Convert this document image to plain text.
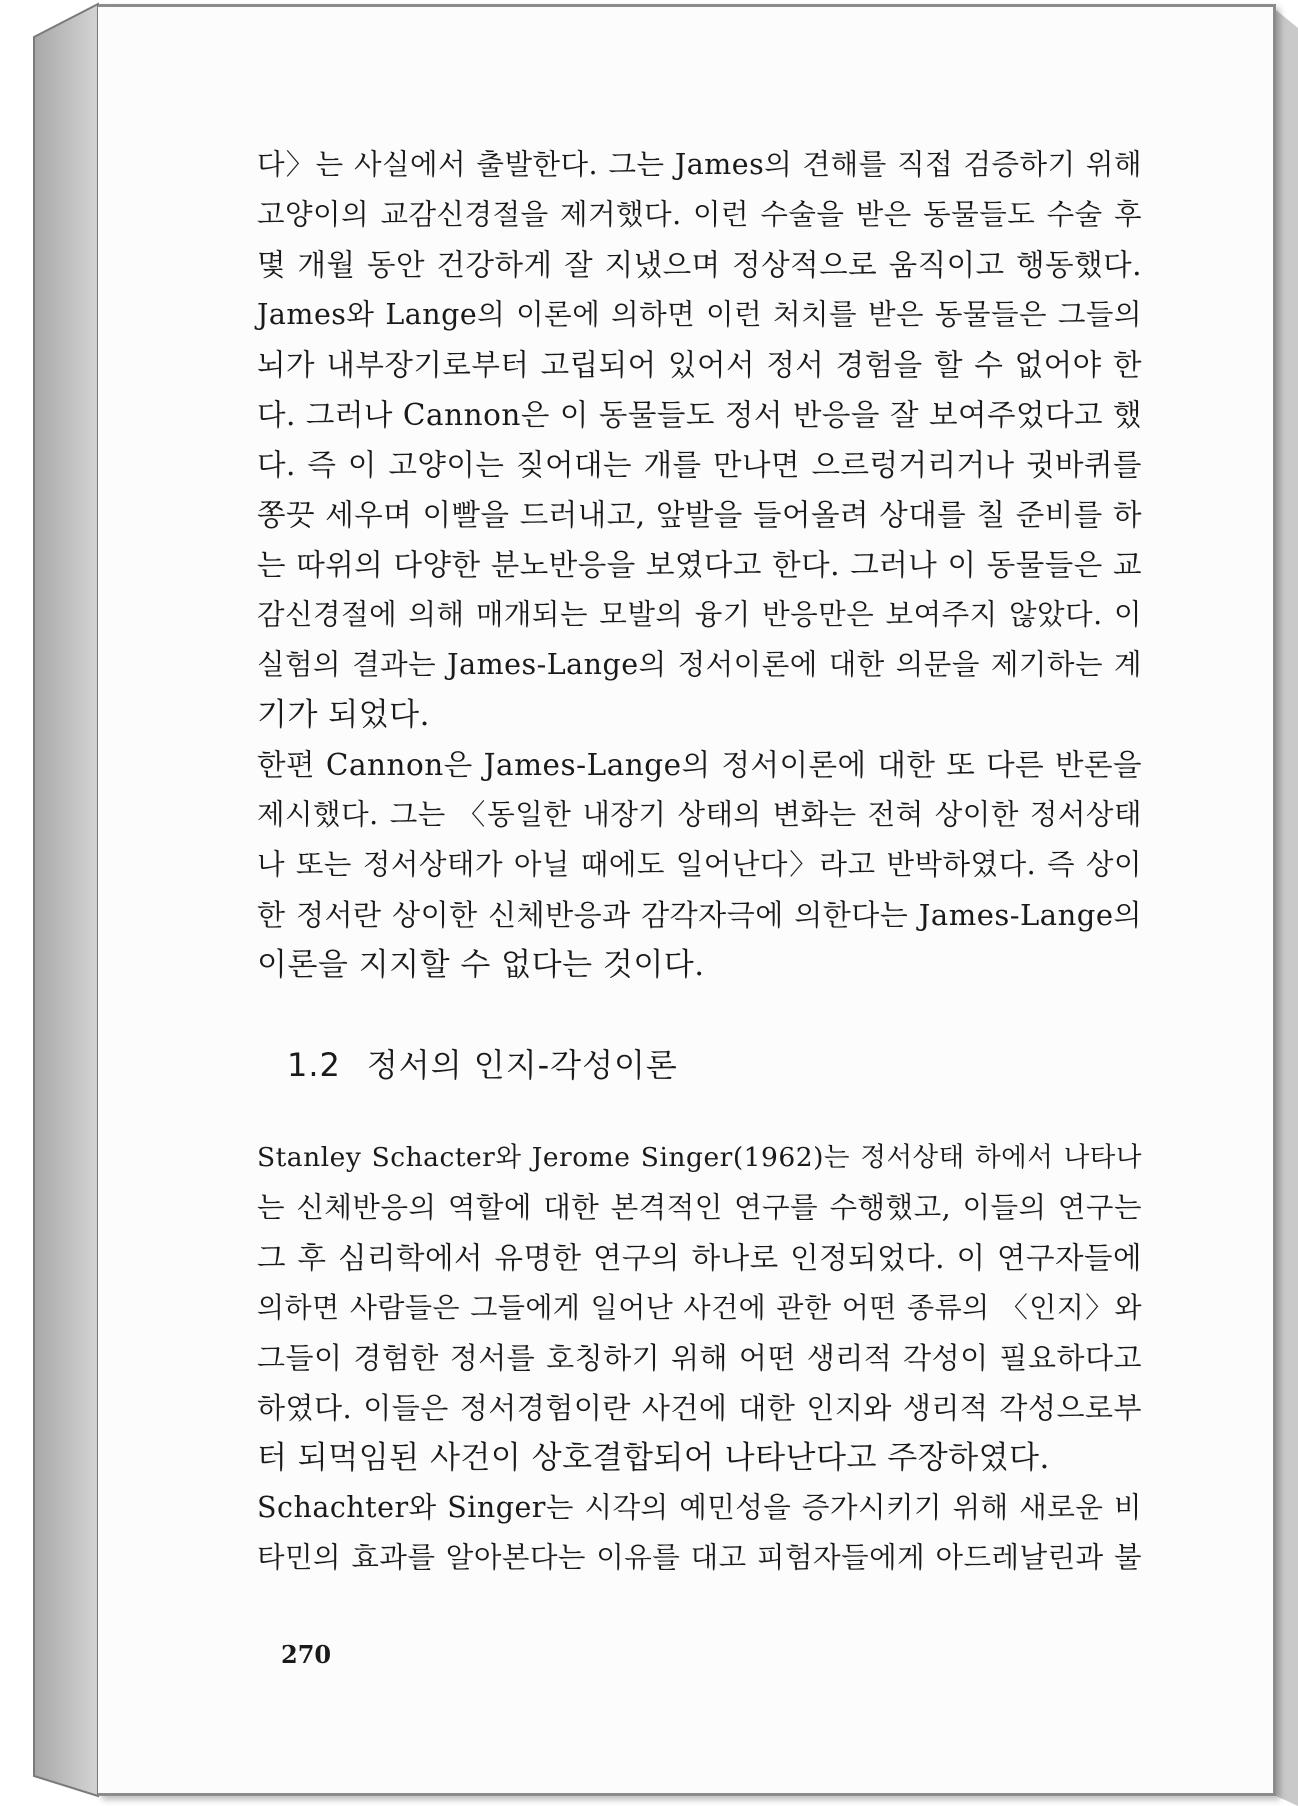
다〉는 사실에서 출발한다. 그는 James의 견해를 직접 검증하기 위해
고양이의 교감신경절을 제거했다. 이런 수술을 받은 동물들도 수술 후
몇 개월 동안 건강하게 잘 지냈으며 정상적으로 움직이고 행동했다.
James와 Lange의 이론에 의하면 이런 처치를 받은 동물들은 그들의
뇌가 내부장기로부터 고립되어 있어서 정서 경험을 할 수 없어야 한
다. 그러나 Cannon은 이 동물들도 정서 반응을 잘 보여주었다고 했
다. 즉 이 고양이는 짖어대는 개를 만나면 으르렁거리거나 귓바퀴를
쫑끗 세우며 이빨을 드러내고, 앞발을 들어올려 상대를 칠 준비를 하
는 따위의 다양한 분노반응을 보였다고 한다. 그러나 이 동물들은 교
감신경절에 의해 매개되는 모발의 융기 반응만은 보여주지 않았다. 이
실험의 결과는 James-Lange의 정서이론에 대한 의문을 제기하는 계
기가 되었다.

한편 Cannon은 James-Lange의 정서이론에 대한 또 다른 반론을
제시했다. 그는 〈동일한 내장기 상태의 변화는 전혀 상이한 정서상태
나 또는 정서상태가 아닐 때에도 일어난다〉라고 반박하였다. 즉 상이
한 정서란 상이한 신체반응과 감각자극에 의한다는 James-Lange의
이론을 지지할 수 없다는 것이다.

1.2 정서의 인지-각성이론

Stanley Schacter와 Jerome Singer(1962)는 정서상태 하에서 나타나
는 신체반응의 역할에 대한 본격적인 연구를 수행했고, 이들의 연구는
그 후 심리학에서 유명한 연구의 하나로 인정되었다. 이 연구자들에
의하면 사람들은 그들에게 일어난 사건에 관한 어떤 종류의 〈인지〉와
그들이 경험한 정서를 호칭하기 위해 어떤 생리적 각성이 필요하다고
하였다. 이들은 정서경험이란 사건에 대한 인지와 생리적 각성으로부
터 되먹임된 사건이 상호결합되어 나타난다고 주장하였다.

Schachter와 Singer는 시각의 예민성을 증가시키기 위해 새로운 비
타민의 효과를 알아본다는 이유를 대고 피험자들에게 아드레날린과 불

270
